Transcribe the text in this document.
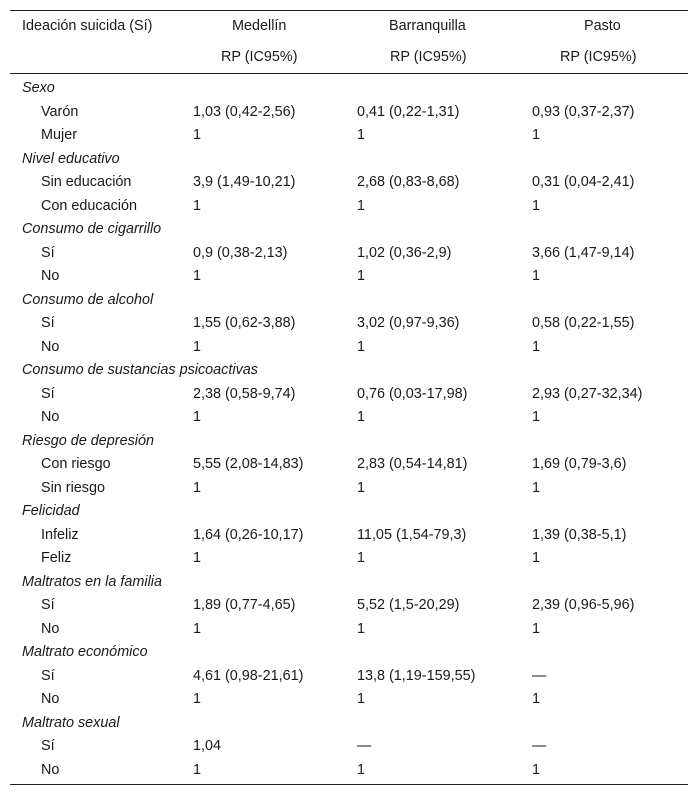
Ideación suicida (Sí)	Medellín	Barranquilla	Pasto
RP (IC95%)	RP (IC95%)	RP (IC95%)
Sexo
Varón	1,03 (0,42-2,56)	0,41 (0,22-1,31)	0,93 (0,37-2,37)
Mujer	1	1	1
Nivel educativo
Sin educación	3,9 (1,49-10,21)	2,68 (0,83-8,68)	0,31 (0,04-2,41)
Con educación	1	1	1
Consumo de cigarrillo
Sí	0,9 (0,38-2,13)	1,02 (0,36-2,9)	3,66 (1,47-9,14)
No	1	1	1
Consumo de alcohol
Sí	1,55 (0,62-3,88)	3,02 (0,97-9,36)	0,58 (0,22-1,55)
No	1	1	1
Consumo de sustancias psicoactivas
Sí	2,38 (0,58-9,74)	0,76 (0,03-17,98)	2,93 (0,27-32,34)
No	1	1	1
Riesgo de depresión
Con riesgo	5,55 (2,08-14,83)	2,83 (0,54-14,81)	1,69 (0,79-3,6)
Sin riesgo	1	1	1
Felicidad
Infeliz	1,64 (0,26-10,17)	11,05 (1,54-79,3)	1,39 (0,38-5,1)
Feliz	1	1	1
Maltratos en la familia
Sí	1,89 (0,77-4,65)	5,52 (1,5-20,29)	2,39 (0,96-5,96)
No	1	1	1
Maltrato económico
Sí	4,61 (0,98-21,61)	13,8 (1,19-159,55)	—
No	1	1	1
Maltrato sexual
Sí	1,04	—	—
No	1	1	1
